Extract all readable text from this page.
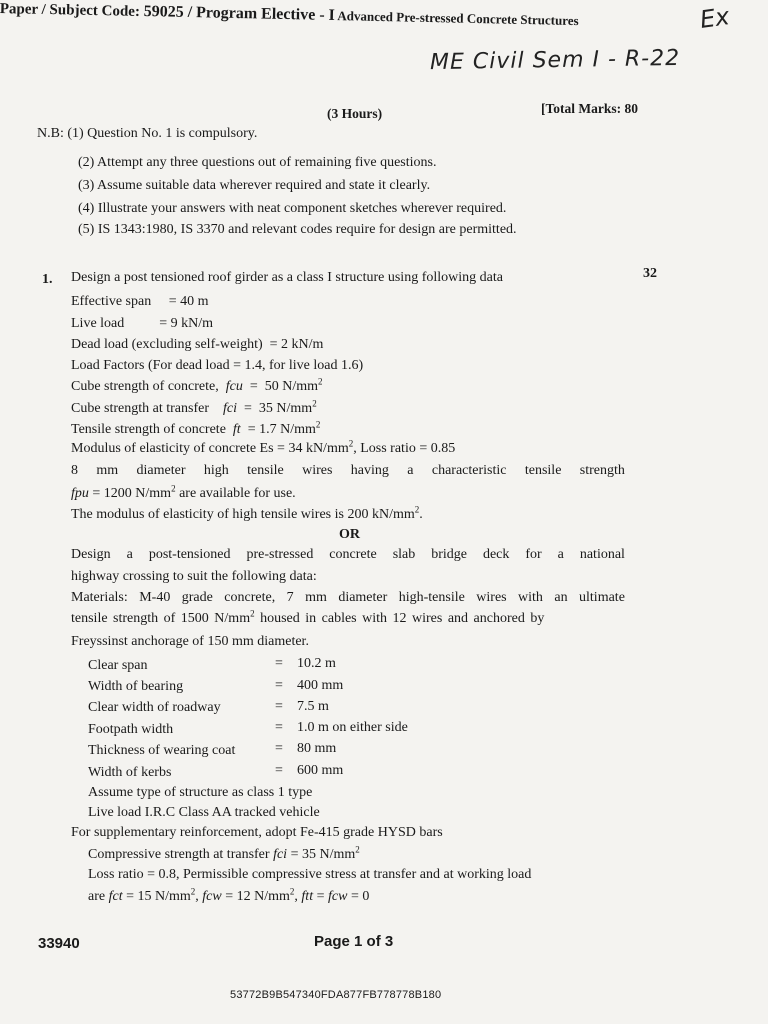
Paper / Subject Code: 59025 / Program Elective - I Advanced Pre-stressed Concrete Structures	Ex
ME Civil Sem I - R-22
(3 Hours)	[Total Marks: 80
N.B: (1) Question No. 1 is compulsory.
(2) Attempt any three questions out of remaining five questions.
(3) Assume suitable data wherever required and state it clearly.
(4) Illustrate your answers with neat component sketches wherever required.
(5) IS 1343:1980, IS 3370 and relevant codes require for design are permitted.
1.	32
Design a post tensioned roof girder as a class I structure using following data
Effective span     = 40 m
Live load          = 9 kN/m
Dead load (excluding self-weight)  = 2 kN/m
Load Factors (For dead load = 1.4, for live load 1.6)
Cube strength of concrete,  fcu  =  50 $N/mm^2$
Cube strength at transfer    fci  =  35 $N/mm^2$
Tensile strength of concrete  ft  = 1.7 $N/mm^2$
Modulus of elasticity of concrete Es = 34 $kN/mm^2$, Loss ratio = 0.85
8 mm diameter high tensile wires having a characteristic tensile strength
fpu = 1200 $N/mm^2$ are available for use.
The modulus of elasticity of high tensile wires is 200 $kN/mm^2$.
OR
Design a post-tensioned pre-stressed concrete slab bridge deck for a national
highway crossing to suit the following data:
Materials: M-40 grade concrete, 7 mm diameter high-tensile wires with an ultimate
tensile strength of 1500 $N/mm^2$ housed in cables with 12 wires and anchored by
Freyssinst anchorage of 150 mm diameter.
Clear span	= 10.2 m
Width of bearing	= 400 mm
Clear width of roadway	= 7.5 m
Footpath width	= 1.0 m on either side
Thickness of wearing coat	= 80 mm
Width of kerbs	= 600 mm
Assume type of structure as class 1 type
Live load I.R.C Class AA tracked vehicle
For supplementary reinforcement, adopt Fe-415 grade HYSD bars
Compressive strength at transfer fci = 35 $N/mm^2$
Loss ratio = 0.8, Permissible compressive stress at transfer and at working load
are fct = 15 $N/mm^2$, fcw = 12 $N/mm^2$, ftt = fcw = 0
33940	Page 1 of 3
53772B9B547340FDA877FB778778B180
